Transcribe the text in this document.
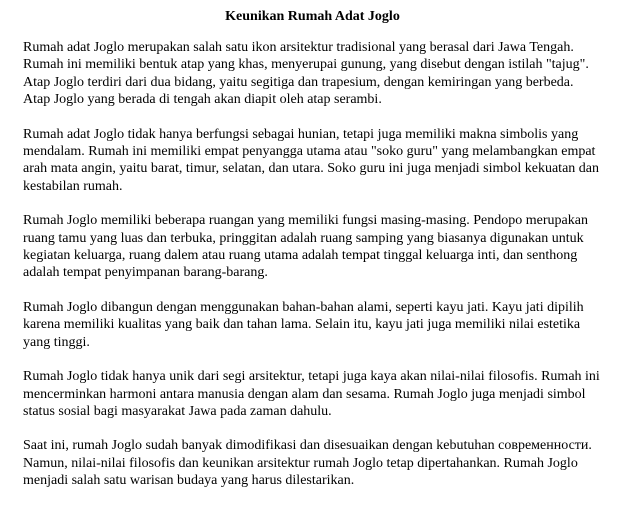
Keunikan Rumah Adat Joglo

Rumah adat Joglo merupakan salah satu ikon arsitektur tradisional yang berasal dari Jawa Tengah. Rumah ini memiliki bentuk atap yang khas, menyerupai gunung, yang disebut dengan istilah "tajug". Atap Joglo terdiri dari dua bidang, yaitu segitiga dan trapesium, dengan kemiringan yang berbeda. Atap Joglo yang berada di tengah akan diapit oleh atap serambi.

Rumah adat Joglo tidak hanya berfungsi sebagai hunian, tetapi juga memiliki makna simbolis yang mendalam. Rumah ini memiliki empat penyangga utama atau "soko guru" yang melambangkan empat arah mata angin, yaitu barat, timur, selatan, dan utara. Soko guru ini juga menjadi simbol kekuatan dan kestabilan rumah.

Rumah Joglo memiliki beberapa ruangan yang memiliki fungsi masing-masing. Pendopo merupakan ruang tamu yang luas dan terbuka, pringgitan adalah ruang samping yang biasanya digunakan untuk kegiatan keluarga, ruang dalem atau ruang utama adalah tempat tinggal keluarga inti, dan senthong adalah tempat penyimpanan barang-barang.

Rumah Joglo dibangun dengan menggunakan bahan-bahan alami, seperti kayu jati. Kayu jati dipilih karena memiliki kualitas yang baik dan tahan lama. Selain itu, kayu jati juga memiliki nilai estetika yang tinggi.

Rumah Joglo tidak hanya unik dari segi arsitektur, tetapi juga kaya akan nilai-nilai filosofis. Rumah ini mencerminkan harmoni antara manusia dengan alam dan sesama. Rumah Joglo juga menjadi simbol status sosial bagi masyarakat Jawa pada zaman dahulu.

Saat ini, rumah Joglo sudah banyak dimodifikasi dan disesuaikan dengan kebutuhan современности. Namun, nilai-nilai filosofis dan keunikan arsitektur rumah Joglo tetap dipertahankan. Rumah Joglo menjadi salah satu warisan budaya yang harus dilestarikan.
